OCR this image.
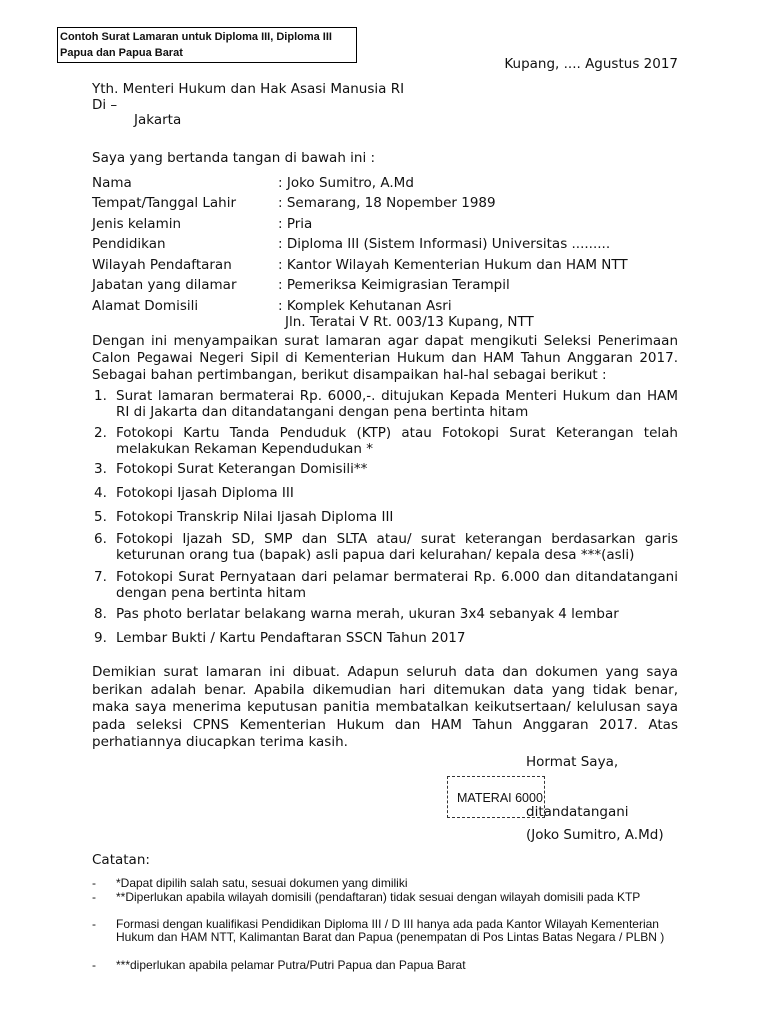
Contoh Surat Lamaran untuk Diploma III, Diploma III
Papua dan Papua Barat
Kupang, .... Agustus 2017
Yth. Menteri Hukum dan Hak Asasi Manusia RI
Di –
Jakarta
Saya yang bertanda tangan di bawah ini :
Nama	: Joko Sumitro, A.Md
Tempat/Tanggal Lahir	: Semarang, 18 Nopember 1989
Jenis kelamin	: Pria
Pendidikan	: Diploma III (Sistem Informasi) Universitas .........
Wilayah Pendaftaran	: Kantor Wilayah Kementerian Hukum dan HAM NTT
Jabatan yang dilamar	: Pemeriksa Keimigrasian Terampil
Alamat Domisili	: Komplek Kehutanan Asri
Jln. Teratai V Rt. 003/13 Kupang, NTT
Dengan ini menyampaikan surat lamaran agar dapat mengikuti Seleksi Penerimaan Calon Pegawai Negeri Sipil di Kementerian Hukum dan HAM Tahun Anggaran 2017. Sebagai bahan pertimbangan, berikut disampaikan hal-hal sebagai berikut :
1. Surat lamaran bermaterai Rp. 6000,-. ditujukan Kepada Menteri Hukum dan HAM RI di Jakarta dan ditandatangani dengan pena bertinta hitam
2. Fotokopi Kartu Tanda Penduduk (KTP) atau Fotokopi Surat Keterangan telah melakukan Rekaman Kependudukan *
3. Fotokopi Surat Keterangan Domisili**
4. Fotokopi Ijasah Diploma III
5. Fotokopi Transkrip Nilai Ijasah Diploma III
6. Fotokopi Ijazah SD, SMP dan SLTA atau/ surat keterangan berdasarkan garis keturunan orang tua (bapak) asli papua dari kelurahan/ kepala desa ***(asli)
7. Fotokopi Surat Pernyataan dari pelamar bermaterai Rp. 6.000 dan ditandatangani dengan pena bertinta hitam
8. Pas photo berlatar belakang warna merah, ukuran 3x4 sebanyak 4 lembar
9. Lembar Bukti / Kartu Pendaftaran SSCN Tahun 2017
Demikian surat lamaran ini dibuat. Adapun seluruh data dan dokumen yang saya berikan adalah benar. Apabila dikemudian hari ditemukan data yang tidak benar, maka saya menerima keputusan panitia membatalkan keikutsertaan/ kelulusan saya pada seleksi CPNS Kementerian Hukum dan HAM Tahun Anggaran 2017. Atas perhatiannya diucapkan terima kasih.
Hormat Saya,
MATERAI 6000
ditandatangani
(Joko Sumitro, A.Md)
Catatan:
- *Dapat dipilih salah satu, sesuai dokumen yang dimiliki
- **Diperlukan apabila wilayah domisili (pendaftaran) tidak sesuai dengan wilayah domisili pada KTP
- Formasi dengan kualifikasi Pendidikan Diploma III / D III hanya ada pada Kantor Wilayah Kementerian Hukum dan HAM NTT, Kalimantan Barat dan Papua (penempatan di Pos Lintas Batas Negara / PLBN )
- ***diperlukan apabila pelamar Putra/Putri Papua dan Papua Barat
